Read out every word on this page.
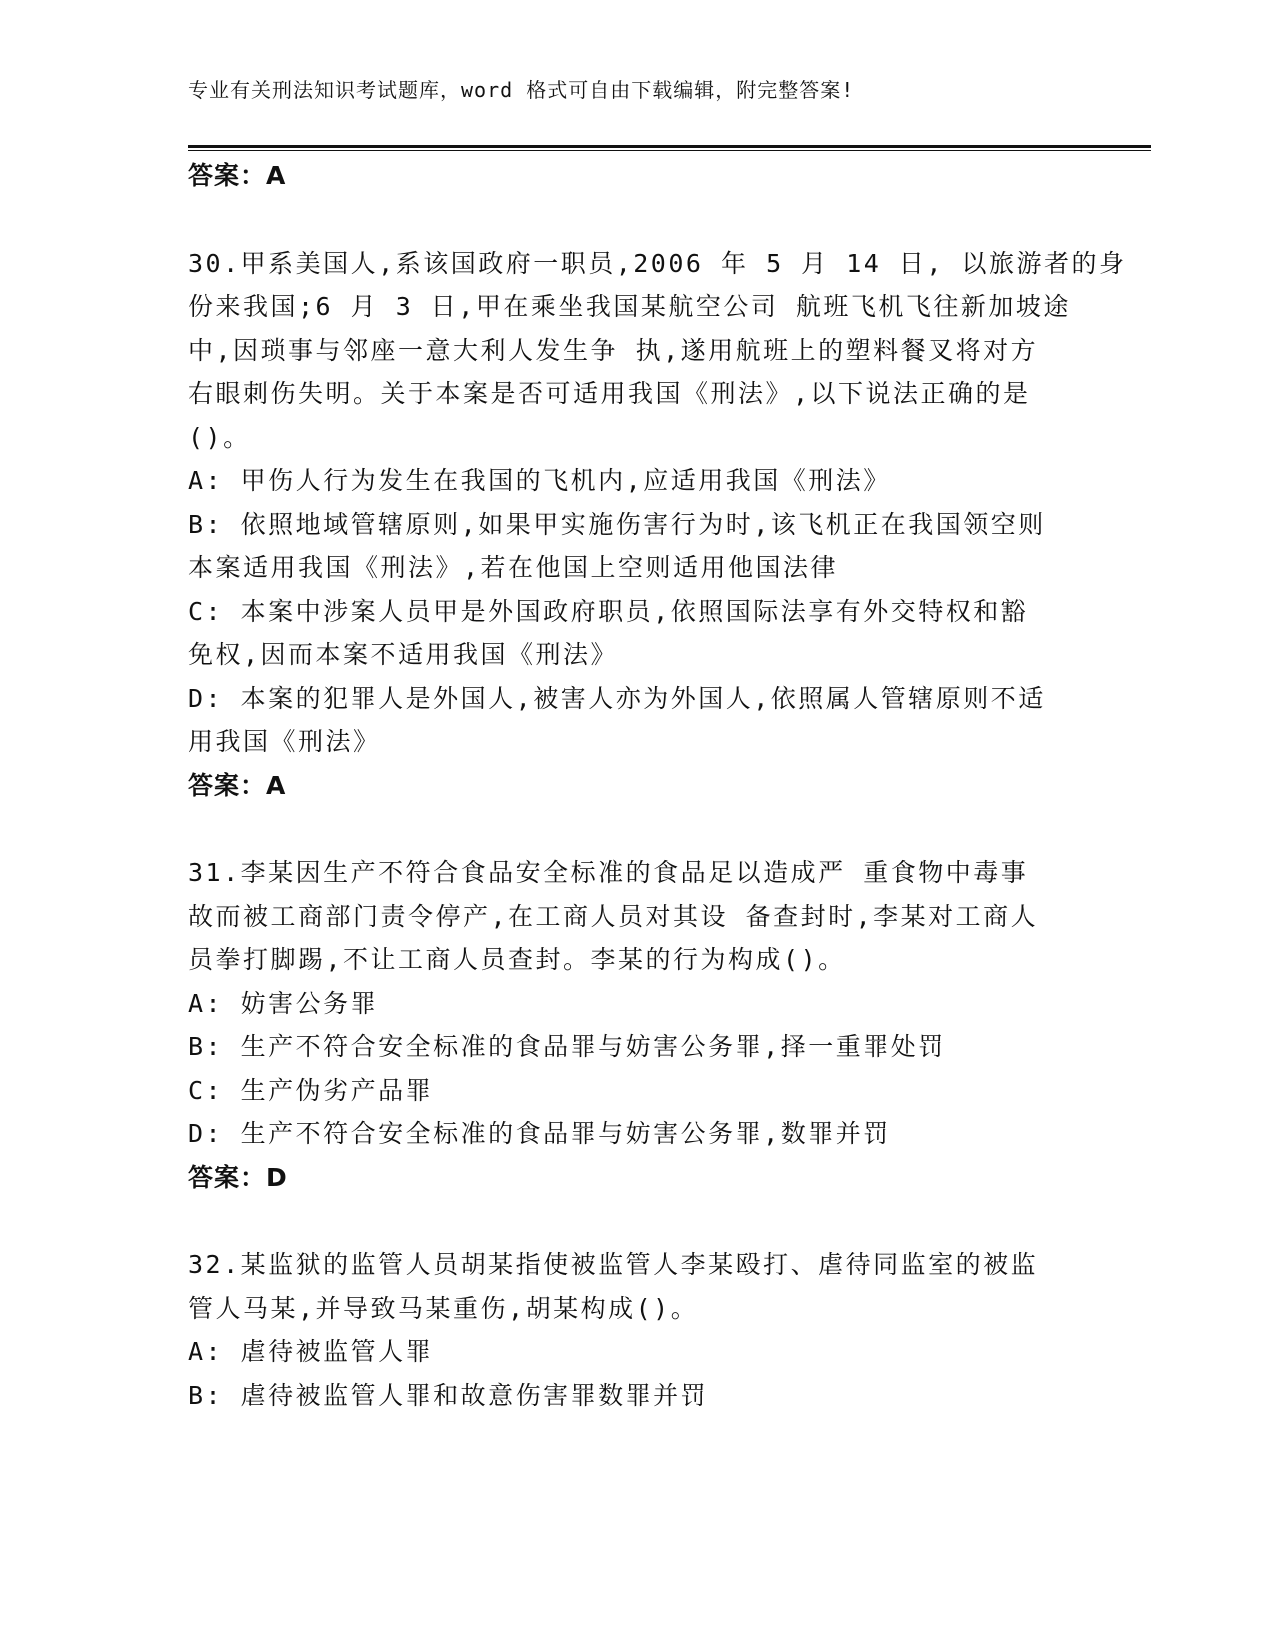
专业有关刑法知识考试题库，word 格式可自由下载编辑，附完整答案!
答案：A
30.甲系美国人,系该国政府一职员,2006 年 5 月 14 日, 以旅游者的身
份来我国;6 月 3 日,甲在乘坐我国某航空公司 航班飞机飞往新加坡途
中,因琐事与邻座一意大利人发生争 执,遂用航班上的塑料餐叉将对方
右眼刺伤失明。关于本案是否可适用我国《刑法》,以下说法正确的是
()。
A: 甲伤人行为发生在我国的飞机内,应适用我国《刑法》
B: 依照地域管辖原则,如果甲实施伤害行为时,该飞机正在我国领空则
本案适用我国《刑法》,若在他国上空则适用他国法律
C: 本案中涉案人员甲是外国政府职员,依照国际法享有外交特权和豁
免权,因而本案不适用我国《刑法》
D: 本案的犯罪人是外国人,被害人亦为外国人,依照属人管辖原则不适
用我国《刑法》
答案：A
31.李某因生产不符合食品安全标准的食品足以造成严 重食物中毒事
故而被工商部门责令停产,在工商人员对其设 备查封时,李某对工商人
员拳打脚踢,不让工商人员查封。李某的行为构成()。
A: 妨害公务罪
B: 生产不符合安全标准的食品罪与妨害公务罪,择一重罪处罚
C: 生产伪劣产品罪
D: 生产不符合安全标准的食品罪与妨害公务罪,数罪并罚
答案：D
32.某监狱的监管人员胡某指使被监管人李某殴打、虐待同监室的被监
管人马某,并导致马某重伤,胡某构成()。
A: 虐待被监管人罪
B: 虐待被监管人罪和故意伤害罪数罪并罚
